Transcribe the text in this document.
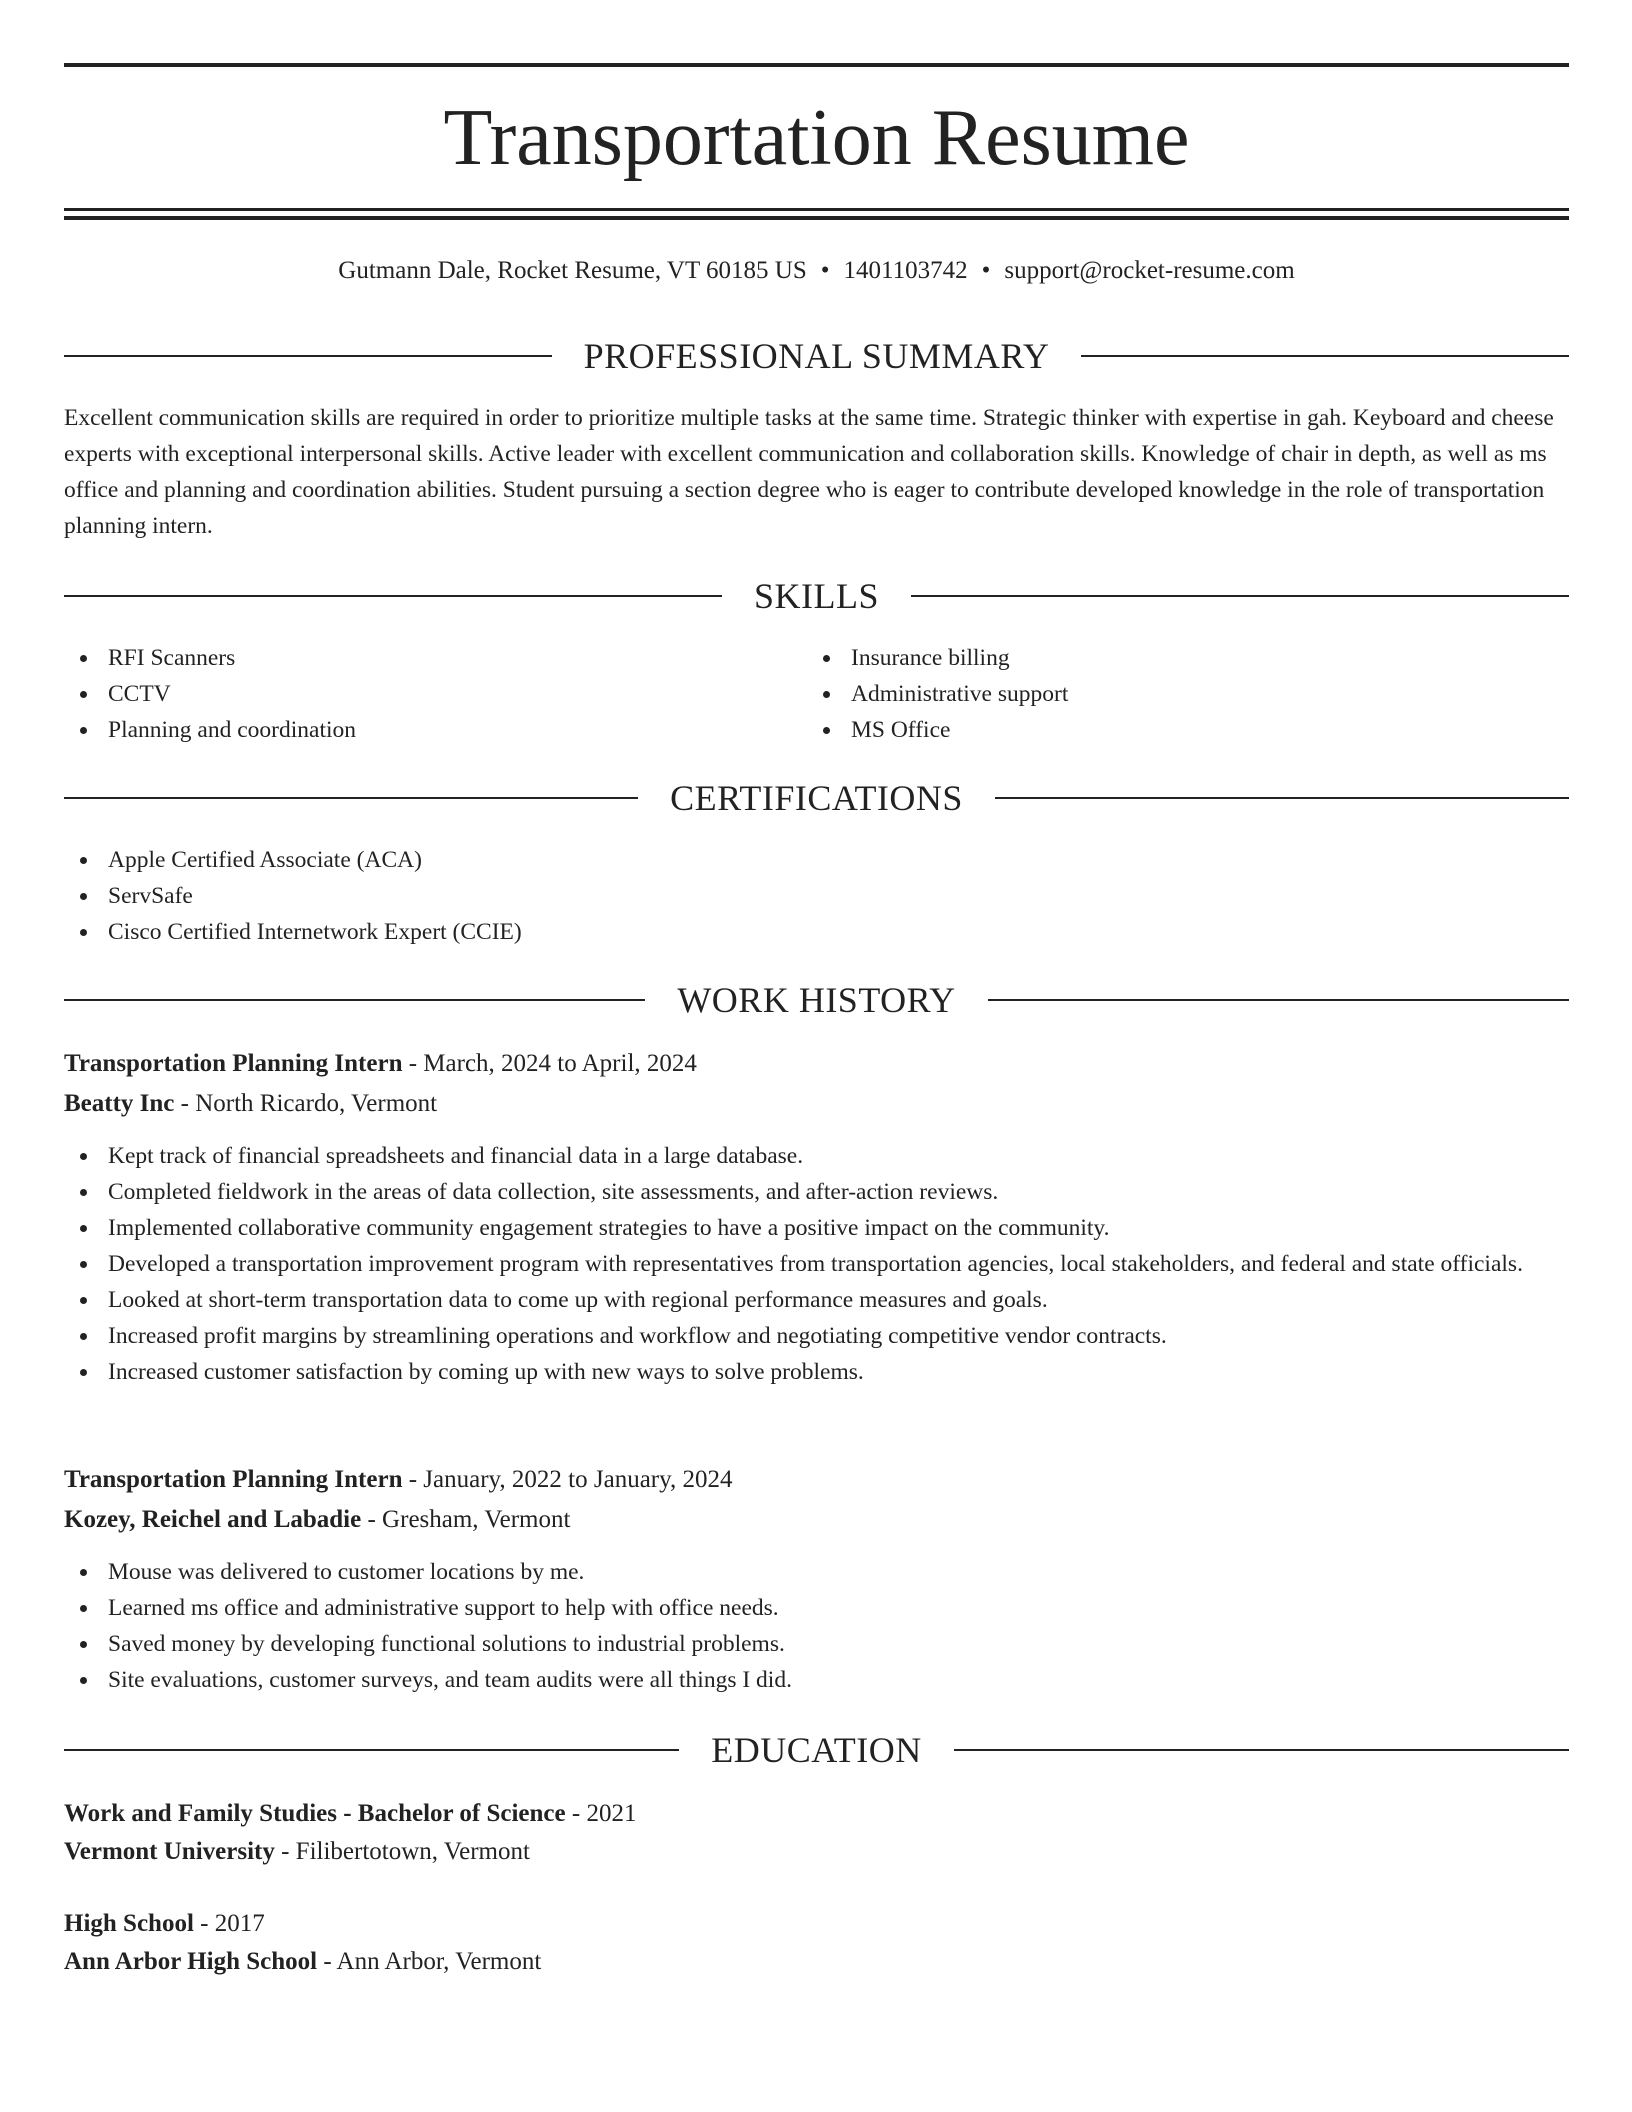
Transportation Resume
Gutmann Dale, Rocket Resume, VT 60185 US • 1401103742 • support@rocket-resume.com
PROFESSIONAL SUMMARY

Excellent communication skills are required in order to prioritize multiple tasks at the same time. Strategic thinker with expertise in gah. Keyboard and cheese experts with exceptional interpersonal skills. Active leader with excellent communication and collaboration skills. Knowledge of chair in depth, as well as ms office and planning and coordination abilities. Student pursuing a section degree who is eager to contribute developed knowledge in the role of transportation planning intern.

SKILLS
RFI Scanners
CCTV
Planning and coordination
Insurance billing
Administrative support
MS Office
CERTIFICATIONS
Apple Certified Associate (ACA)
ServSafe
Cisco Certified Internetwork Expert (CCIE)
WORK HISTORY
Transportation Planning Intern - March, 2024 to April, 2024
Beatty Inc - North Ricardo, Vermont
Kept track of financial spreadsheets and financial data in a large database.
Completed fieldwork in the areas of data collection, site assessments, and after-action reviews.
Implemented collaborative community engagement strategies to have a positive impact on the community.
Developed a transportation improvement program with representatives from transportation agencies, local stakeholders, and federal and state officials.
Looked at short-term transportation data to come up with regional performance measures and goals.
Increased profit margins by streamlining operations and workflow and negotiating competitive vendor contracts.
Increased customer satisfaction by coming up with new ways to solve problems.
Transportation Planning Intern - January, 2022 to January, 2024
Kozey, Reichel and Labadie - Gresham, Vermont
Mouse was delivered to customer locations by me.
Learned ms office and administrative support to help with office needs.
Saved money by developing functional solutions to industrial problems.
Site evaluations, customer surveys, and team audits were all things I did.
EDUCATION
Work and Family Studies - Bachelor of Science - 2021
Vermont University - Filibertotown, Vermont
High School - 2017
Ann Arbor High School - Ann Arbor, Vermont
